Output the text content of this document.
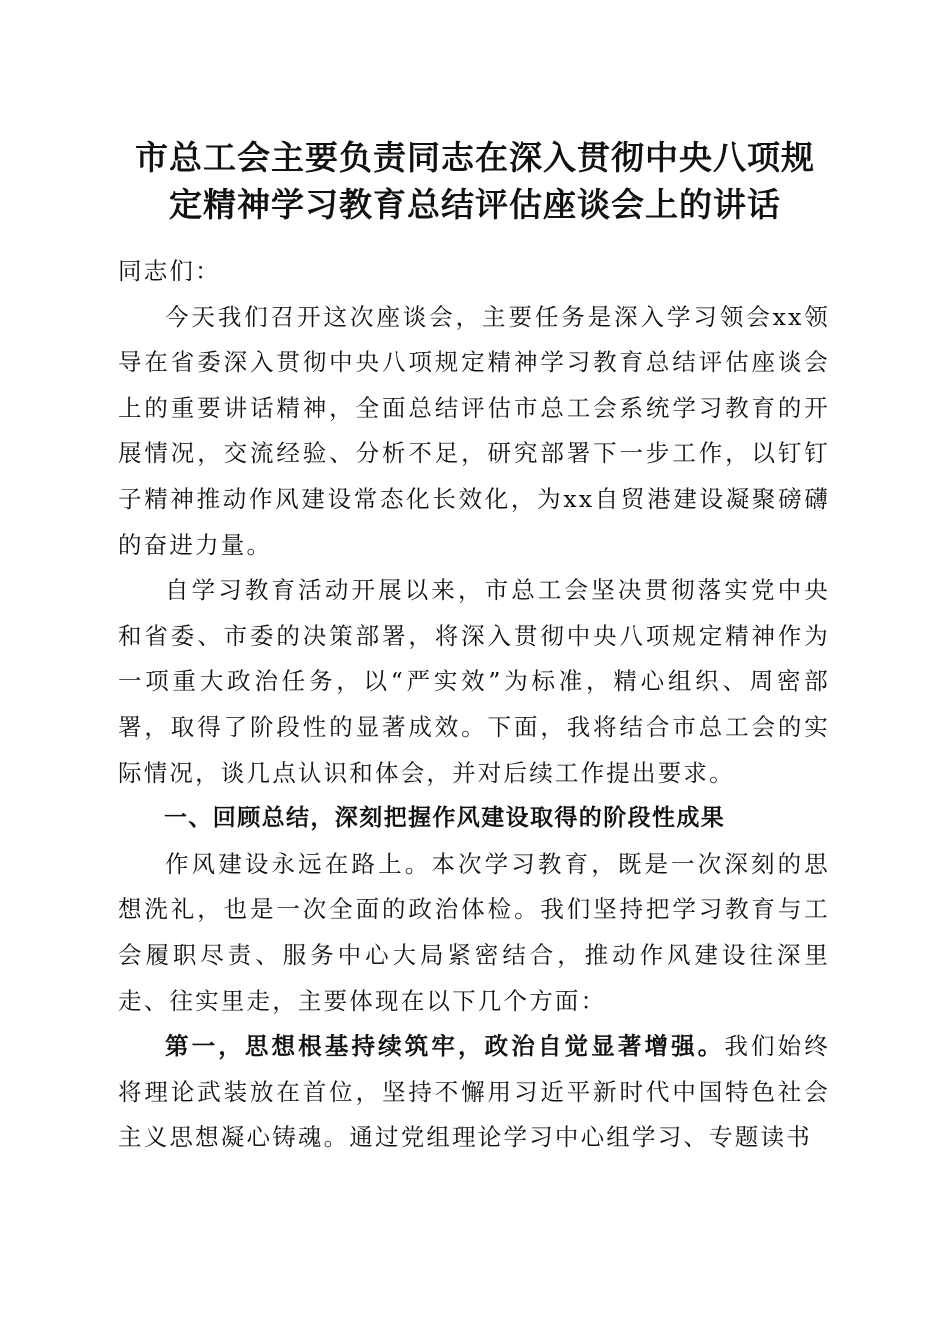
市总工会主要负责同志在深入贯彻中央八项规
定精神学习教育总结评估座谈会上的讲话

同志们：

今天我们召开这次座谈会，主要任务是深入学习领会xx领导在省委深入贯彻中央八项规定精神学习教育总结评估座谈会上的重要讲话精神，全面总结评估市总工会系统学习教育的开展情况，交流经验、分析不足，研究部署下一步工作，以钉钉子精神推动作风建设常态化长效化，为xx自贸港建设凝聚磅礴的奋进力量。

自学习教育活动开展以来，市总工会坚决贯彻落实党中央和省委、市委的决策部署，将深入贯彻中央八项规定精神作为一项重大政治任务，以“严实效”为标准，精心组织、周密部署，取得了阶段性的显著成效。下面，我将结合市总工会的实际情况，谈几点认识和体会，并对后续工作提出要求。

一、回顾总结，深刻把握作风建设取得的阶段性成果

作风建设永远在路上。本次学习教育，既是一次深刻的思想洗礼，也是一次全面的政治体检。我们坚持把学习教育与工会履职尽责、服务中心大局紧密结合，推动作风建设往深里走、往实里走，主要体现在以下几个方面：

第一，思想根基持续筑牢，政治自觉显著增强。我们始终将理论武装放在首位，坚持不懈用习近平新时代中国特色社会主义思想凝心铸魂。通过党组理论学习中心组学习、专题读书
